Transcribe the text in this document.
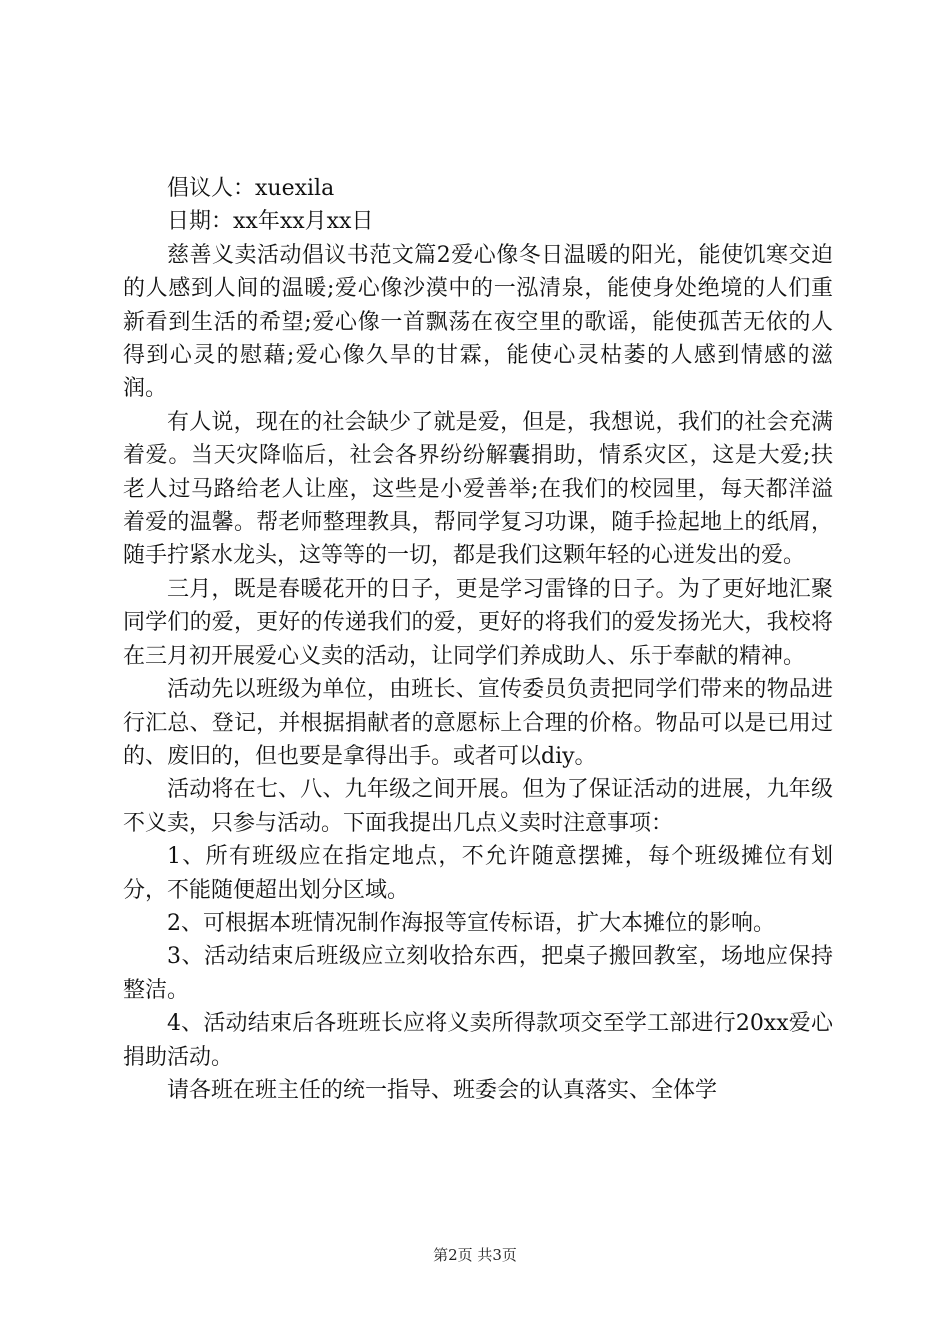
倡议人：xuexila

日期：xx年xx月xx日

慈善义卖活动倡议书范文篇2爱心像冬日温暖的阳光，能使饥寒交迫的人感到人间的温暖;爱心像沙漠中的一泓清泉，能使身处绝境的人们重新看到生活的希望;爱心像一首飘荡在夜空里的歌谣，能使孤苦无依的人得到心灵的慰藉;爱心像久旱的甘霖，能使心灵枯萎的人感到情感的滋润。

有人说，现在的社会缺少了就是爱，但是，我想说，我们的社会充满着爱。当天灾降临后，社会各界纷纷解囊捐助，情系灾区，这是大爱;扶老人过马路给老人让座，这些是小爱善举;在我们的校园里，每天都洋溢着爱的温馨。帮老师整理教具，帮同学复习功课，随手捡起地上的纸屑，随手拧紧水龙头，这等等的一切，都是我们这颗年轻的心迸发出的爱。

三月，既是春暖花开的日子，更是学习雷锋的日子。为了更好地汇聚同学们的爱，更好的传递我们的爱，更好的将我们的爱发扬光大，我校将在三月初开展爱心义卖的活动，让同学们养成助人、乐于奉献的精神。

活动先以班级为单位，由班长、宣传委员负责把同学们带来的物品进行汇总、登记，并根据捐献者的意愿标上合理的价格。物品可以是已用过的、废旧的，但也要是拿得出手。或者可以diy。

活动将在七、八、九年级之间开展。但为了保证活动的进展，九年级不义卖，只参与活动。下面我提出几点义卖时注意事项：

1、所有班级应在指定地点，不允许随意摆摊，每个班级摊位有划分，不能随便超出划分区域。

2、可根据本班情况制作海报等宣传标语，扩大本摊位的影响。

3、活动结束后班级应立刻收拾东西，把桌子搬回教室，场地应保持整洁。

4、活动结束后各班班长应将义卖所得款项交至学工部进行20xx爱心捐助活动。

请各班在班主任的统一指导、班委会的认真落实、全体学

第2页 共3页
